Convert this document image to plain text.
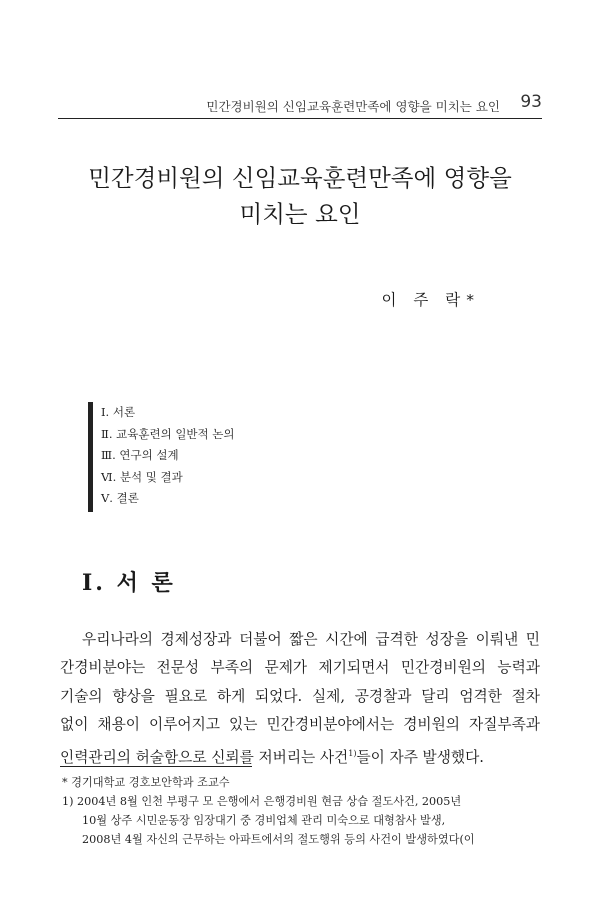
민간경비원의 신임교육훈련만족에 영향을 미치는 요인 93
민간경비원의 신임교육훈련만족에 영향을
미치는 요인
이 주 락*
Ⅰ. 서론
Ⅱ. 교육훈련의 일반적 논의
Ⅲ. 연구의 설계
Ⅵ. 분석 및 결과
Ⅴ. 결론
I. 서 론
우리나라의 경제성장과 더불어 짧은 시간에 급격한 성장을 이뤄낸 민
간경비분야는 전문성 부족의 문제가 제기되면서 민간경비원의 능력과
기술의 향상을 필요로 하게 되었다. 실제, 공경찰과 달리 엄격한 절차
없이 채용이 이루어지고 있는 민간경비분야에서는 경비원의 자질부족과
인력관리의 허술함으로 신뢰를 저버리는 사건$^{1)}$들이 자주 발생했다.
* 경기대학교 경호보안학과 조교수
1) 2004년 8월 인천 부평구 모 은행에서 은행경비원 현금 상습 절도사건, 2005년
10월 상주 시민운동장 임장대기 중 경비업체 관리 미숙으로 대형참사 발생,
2008년 4월 자신의 근무하는 아파트에서의 절도행위 등의 사건이 발생하였다(이
